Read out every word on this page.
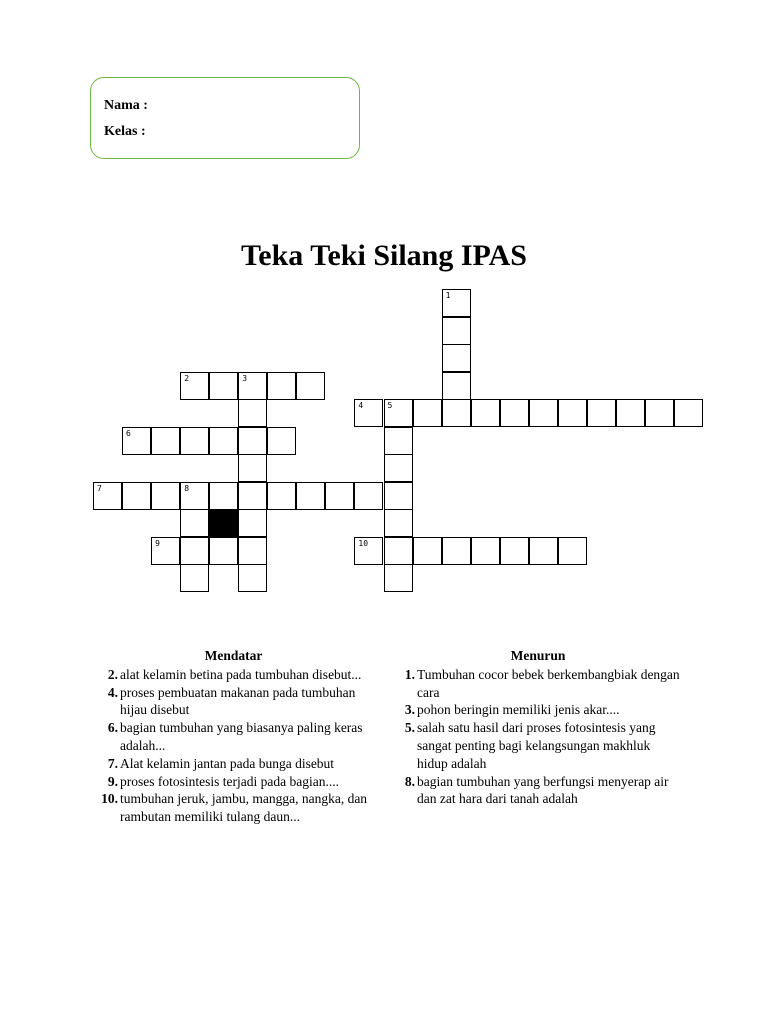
Nama :
Kelas :
Teka Teki Silang IPAS
1
2	3
4	5
6
7	8
9	10
Mendatar
2. alat kelamin betina pada tumbuhan disebut...
4. proses pembuatan makanan pada tumbuhan hijau disebut
6. bagian tumbuhan yang biasanya paling keras adalah...
7. Alat kelamin jantan pada bunga disebut
9. proses fotosintesis terjadi pada bagian....
10. tumbuhan jeruk, jambu, mangga, nangka, dan rambutan memiliki tulang daun...
Menurun
1. Tumbuhan cocor bebek berkembangbiak dengan cara
3. pohon beringin memiliki jenis akar....
5. salah satu hasil dari proses fotosintesis yang sangat penting bagi kelangsungan makhluk hidup adalah
8. bagian tumbuhan yang berfungsi menyerap air dan zat hara dari tanah adalah
